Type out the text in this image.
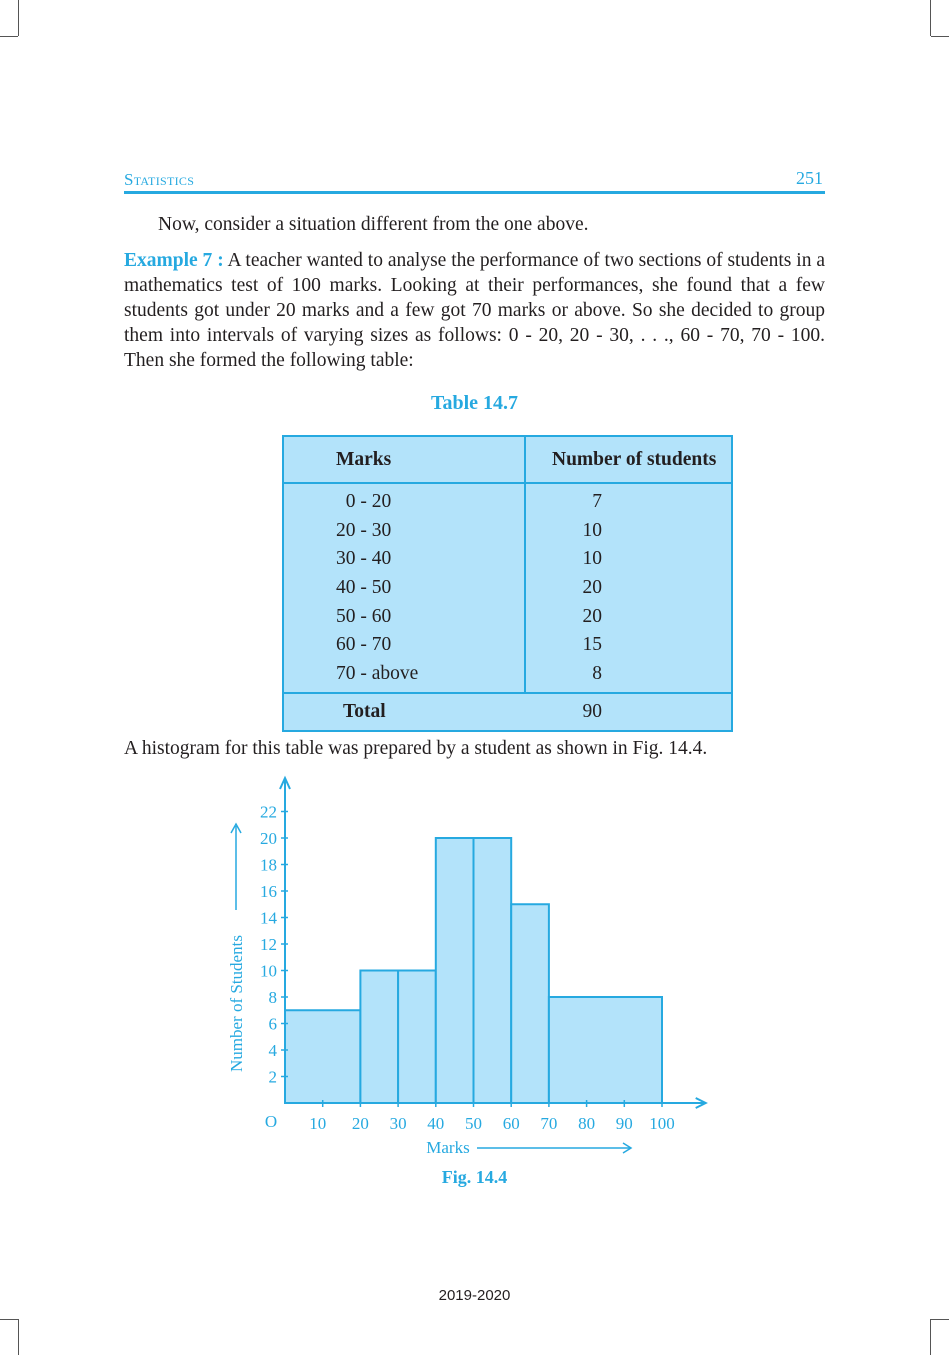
Statistics	251

Now, consider a situation different from the one above.

Example 7 : A teacher wanted to analyse the performance of two sections of students in a mathematics test of 100 marks. Looking at their performances, she found that a few students got under 20 marks and a few got 70 marks or above. So she decided to group them into intervals of varying sizes as follows: 0 - 20, 20 - 30, . . ., 60 - 70, 70 - 100. Then she formed the following table:

Table 14.7
Marks	Number of students
0 - 20	7
20 - 30	10
30 - 40	10
40 - 50	20
50 - 60	20
60 - 70	15
70 - above	8
Total	90

A histogram for this table was prepared by a student as shown in Fig. 14.4.

2
4
6
8
10
12
14
16
18
20
22
10 20 30 40 50 60 70 80 90 100
O
Marks
Number of Students
Fig. 14.4
2019-2020
